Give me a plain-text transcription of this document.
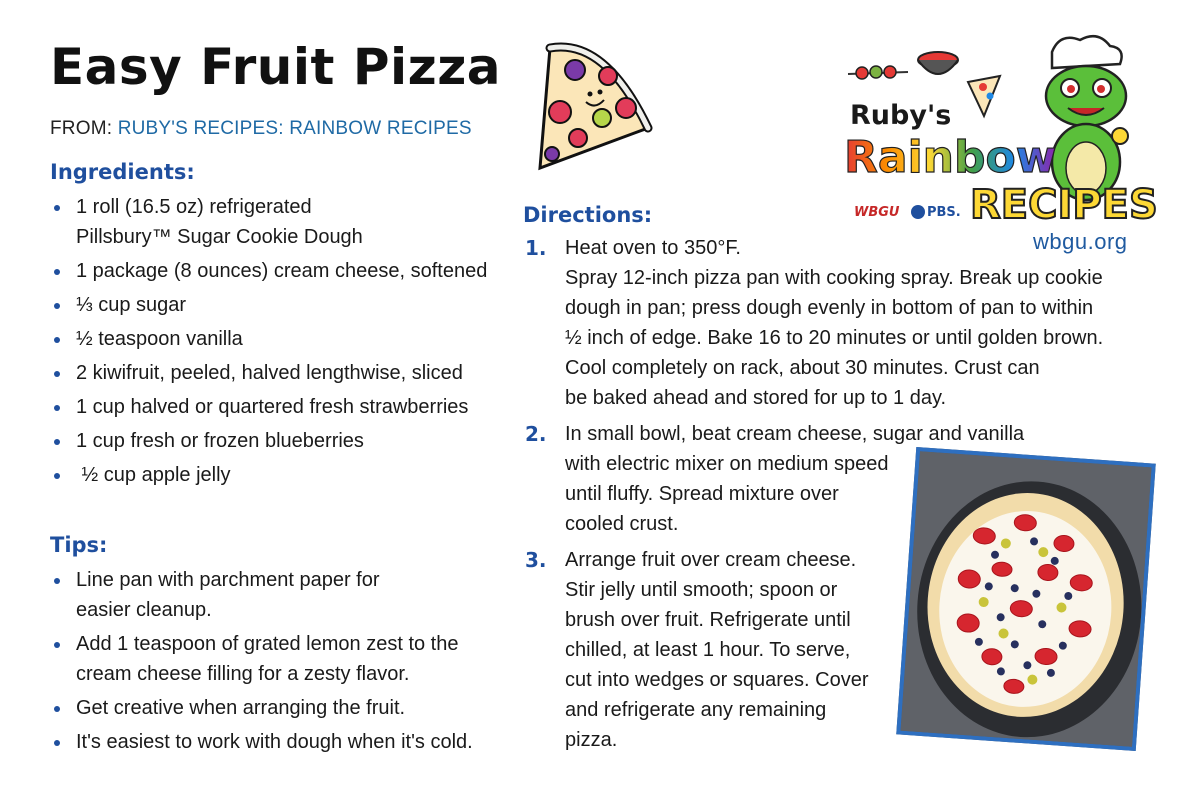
Easy Fruit Pizza
FROM: RUBY'S RECIPES: RAINBOW RECIPES	Ruby's
Rainbow
RECIPES
WBGU PBS.
wbgu.org
Ingredients:
1 roll (16.5 oz) refrigerated
Pillsbury™ Sugar Cookie Dough
1 package (8 ounces) cream cheese, softened
⅓ cup sugar
½ teaspoon vanilla
2 kiwifruit, peeled, halved lengthwise, sliced
1 cup halved or quartered fresh strawberries
1 cup fresh or frozen blueberries
½ cup apple jelly
Tips:
Line pan with parchment paper for
easier cleanup.
Add 1 teaspoon of grated lemon zest to the
cream cheese filling for a zesty flavor.
Get creative when arranging the fruit.
It's easiest to work with dough when it's cold.
Directions:
1. Heat oven to 350°F.
Spray 12-inch pizza pan with cooking spray. Break up cookie
dough in pan; press dough evenly in bottom of pan to within
½ inch of edge. Bake 16 to 20 minutes or until golden brown.
Cool completely on rack, about 30 minutes. Crust can
be baked ahead and stored for up to 1 day.
2. In small bowl, beat cream cheese, sugar and vanilla
with electric mixer on medium speed
until fluffy. Spread mixture over
cooled crust.
3. Arrange fruit over cream cheese.
Stir jelly until smooth; spoon or
brush over fruit. Refrigerate until
chilled, at least 1 hour. To serve,
cut into wedges or squares. Cover
and refrigerate any remaining
pizza.
